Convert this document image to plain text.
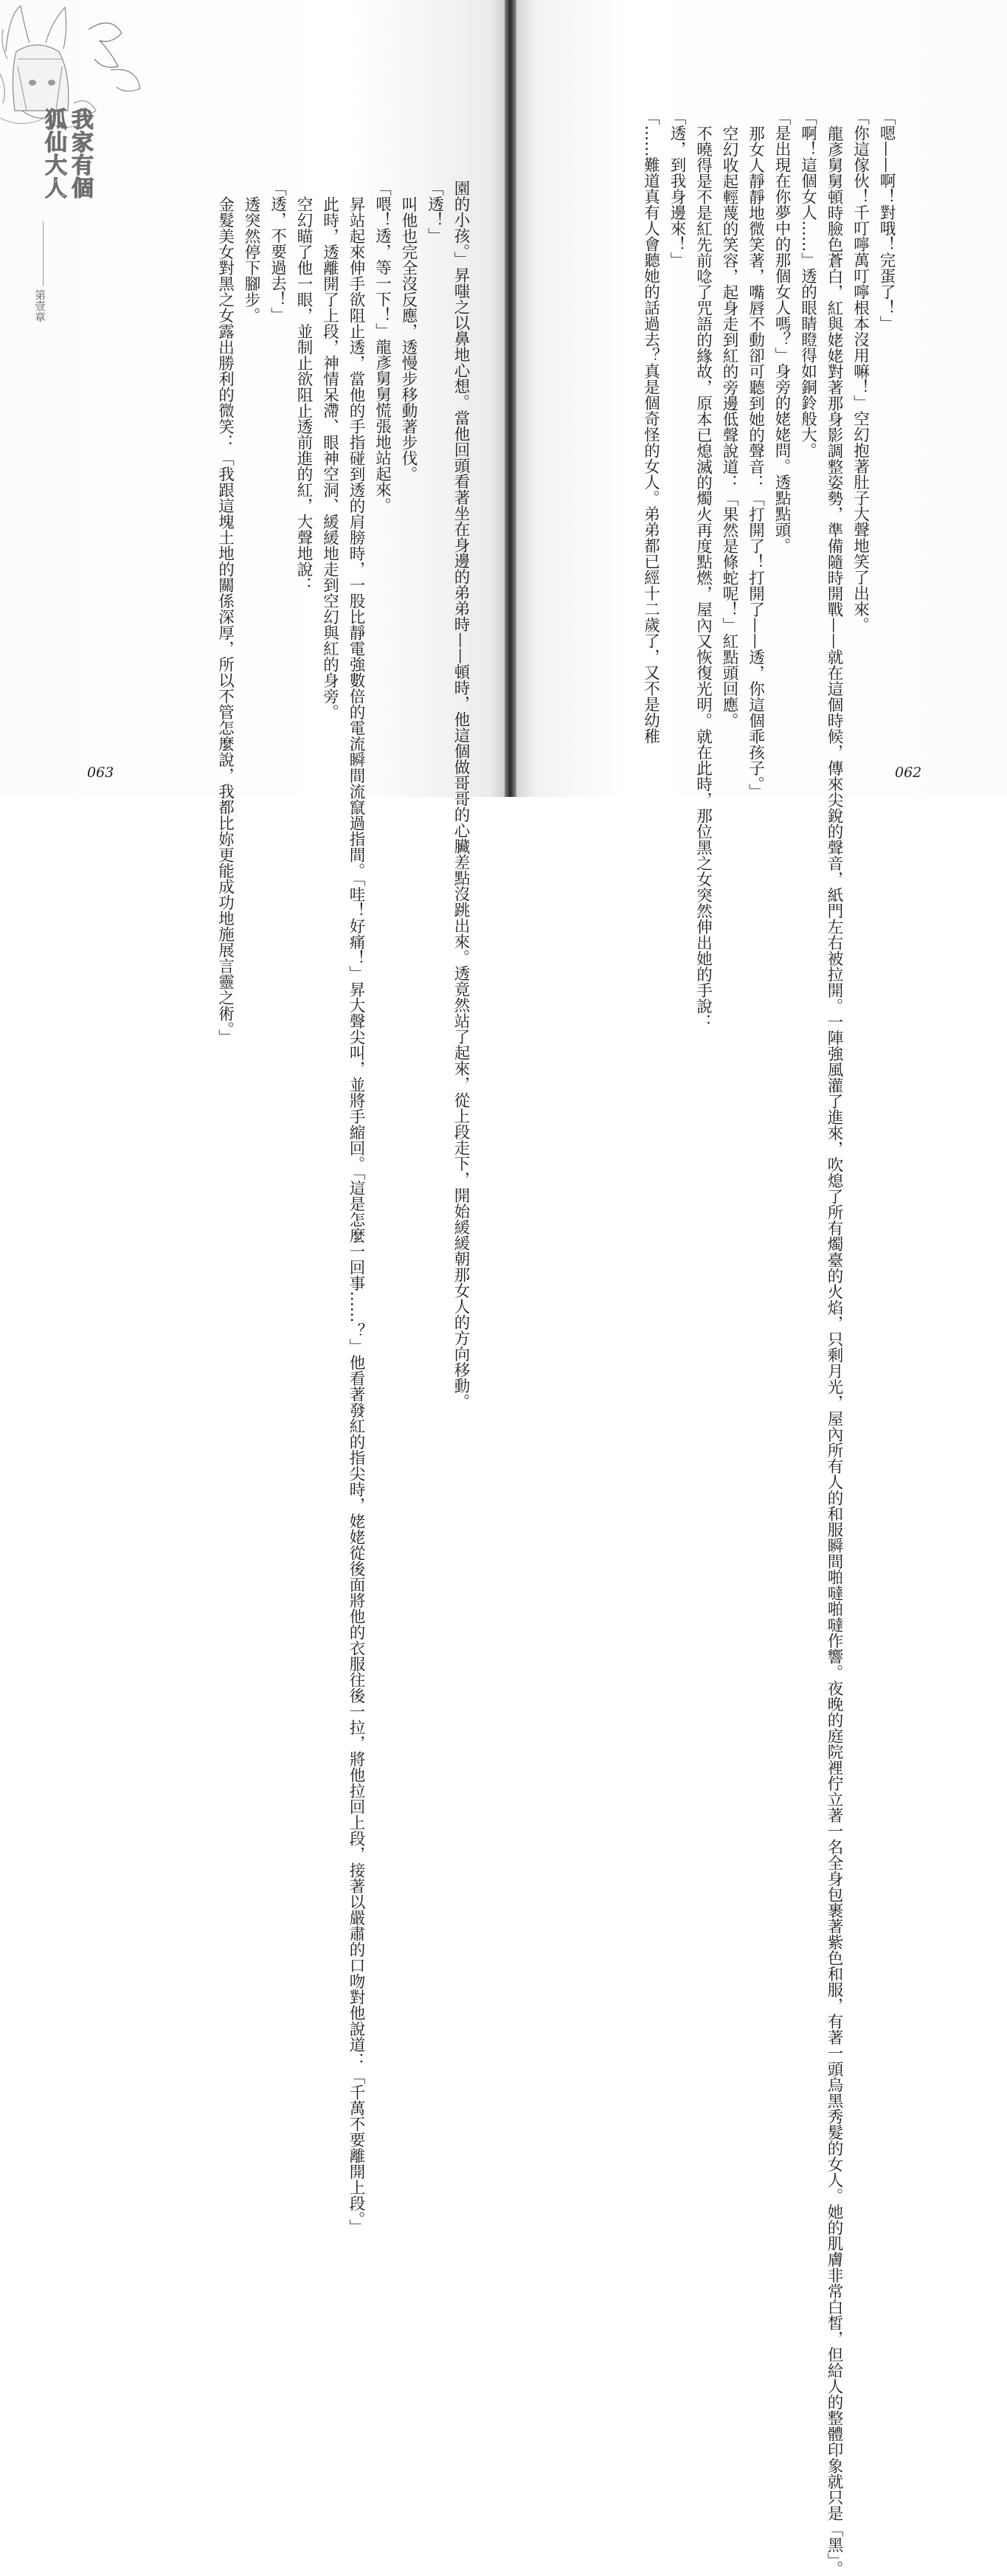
我家有個狐仙大人
第壹章	園的小孩。」昇嗤之以鼻地心想。當他回頭看著坐在身邊的弟弟時——頓時，他這個做哥哥的心臟差點沒跳出來。透竟然站了起來，從上段走下，開始緩緩朝那女人的方向移動。
「透！」
叫他也完全沒反應，透慢步移動著步伐。
「喂！透，等一下！」龍彥舅舅慌張地站起來。
昇站起來伸手欲阻止透，當他的手指碰到透的肩膀時，一股比靜電強數倍的電流瞬間流竄過指間。「哇！好痛！」昇大聲尖叫，並將手縮回。「這是怎麼一回事……？」他看著發紅的指尖時，姥姥從後面將他的衣服往後一拉，將他拉回上段，接著以嚴肅的口吻對他說道：「千萬不要離開上段。」
此時，透離開了上段，神情呆滯、眼神空洞、緩緩地走到空幻與紅的身旁。
空幻瞄了他一眼，並制止欲阻止透前進的紅，大聲地說：
「透，不要過去！」
透突然停下腳步。
金髮美女對黑之女露出勝利的微笑：「我跟這塊土地的關係深厚，所以不管怎麼說，我都比妳更能成功地施展言靈之術。」
063
「嗯——啊！對哦！完蛋了！」
「你這傢伙！千叮嚀萬叮嚀根本沒用嘛！」空幻抱著肚子大聲地笑了出來。
龍彥舅舅頓時臉色蒼白，紅與姥姥對著那身影調整姿勢，準備隨時開戰——就在這個時候，傳來尖銳的聲音，紙門左右被拉開。一陣強風灌了進來，吹熄了所有燭臺的火焰，只剩月光，屋內所有人的和服瞬間啪噠啪噠作響。夜晚的庭院裡佇立著一名全身包裹著紫色和服，有著一頭烏黑秀髮的女人。她的肌膚非常白皙，但給人的整體印象就只是「黑」。
「啊！這個女人……」透的眼睛瞪得如銅鈴般大。
「是出現在你夢中的那個女人嗎？」身旁的姥姥問。透點點頭。
那女人靜靜地微笑著，嘴唇不動卻可聽到她的聲音：「打開了！打開了——透，你這個乖孩子。」
空幻收起輕蔑的笑容，起身走到紅的旁邊低聲說道：「果然是條蛇呢！」紅點頭回應。
不曉得是不是紅先前唸了咒語的緣故，原本已熄滅的燭火再度點燃，屋內又恢復光明。就在此時，那位黑之女突然伸出她的手說：
「透，到我身邊來！」
「……難道真有人會聽她的話過去？真是個奇怪的女人。弟弟都已經十二歲了，又不是幼稚
062
